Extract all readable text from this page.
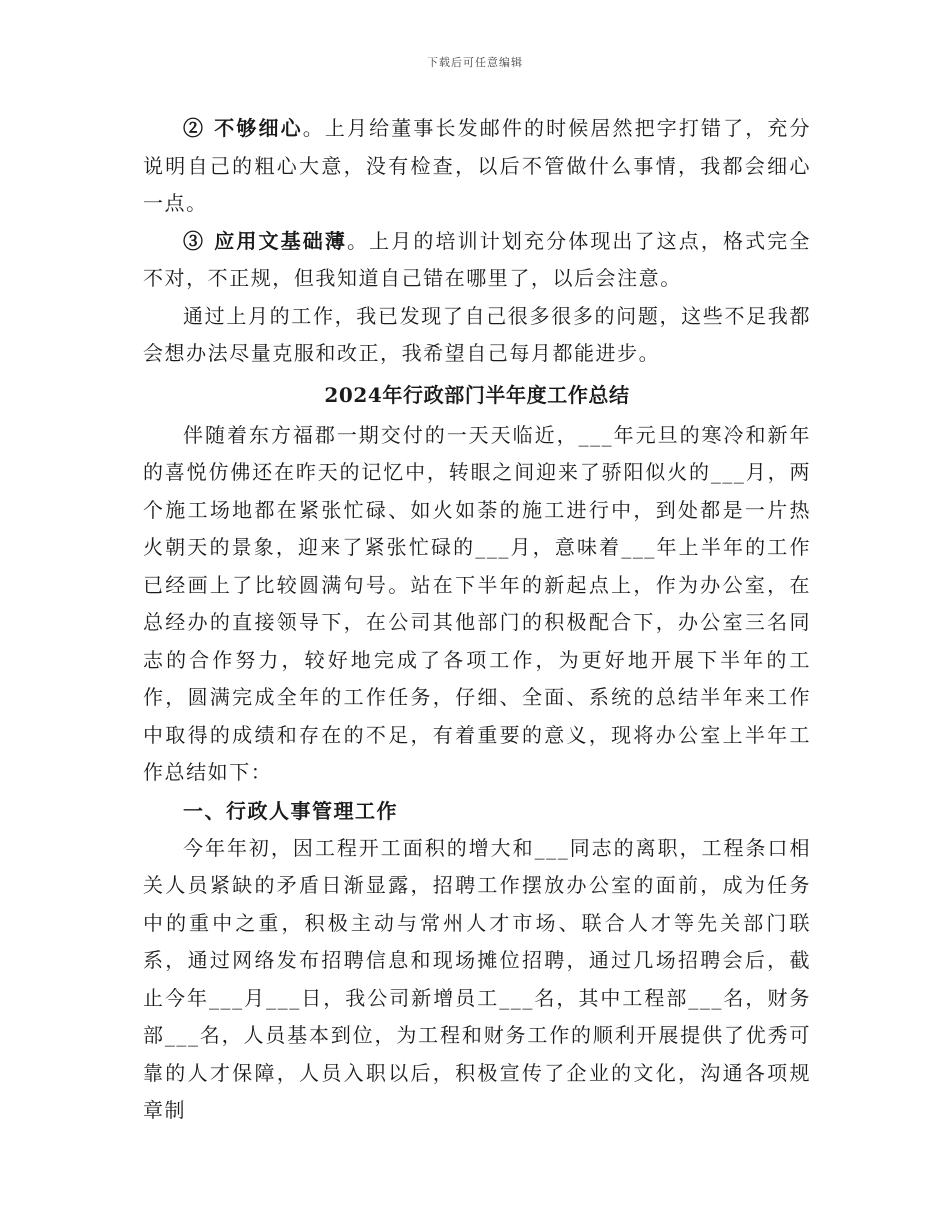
下载后可任意编辑

② 不够细心。上月给董事长发邮件的时候居然把字打错了，充分说明自己的粗心大意，没有检查，以后不管做什么事情，我都会细心一点。

③ 应用文基础薄。上月的培训计划充分体现出了这点，格式完全不对，不正规，但我知道自己错在哪里了，以后会注意。

通过上月的工作，我已发现了自己很多很多的问题，这些不足我都会想办法尽量克服和改正，我希望自己每月都能进步。

2024年行政部门半年度工作总结

伴随着东方福郡一期交付的一天天临近，___年元旦的寒冷和新年的喜悦仿佛还在昨天的记忆中，转眼之间迎来了骄阳似火的___月，两个施工场地都在紧张忙碌、如火如荼的施工进行中，到处都是一片热火朝天的景象，迎来了紧张忙碌的___月，意味着___年上半年的工作已经画上了比较圆满句号。站在下半年的新起点上，作为办公室，在总经办的直接领导下，在公司其他部门的积极配合下，办公室三名同志的合作努力，较好地完成了各项工作，为更好地开展下半年的工作，圆满完成全年的工作任务，仔细、全面、系统的总结半年来工作中取得的成绩和存在的不足，有着重要的意义，现将办公室上半年工作总结如下：

一、行政人事管理工作

今年年初，因工程开工面积的增大和___同志的离职，工程条口相关人员紧缺的矛盾日渐显露，招聘工作摆放办公室的面前，成为任务中的重中之重，积极主动与常州人才市场、联合人才等先关部门联系，通过网络发布招聘信息和现场摊位招聘，通过几场招聘会后，截止今年___月___日，我公司新增员工___名，其中工程部___名，财务部___名，人员基本到位，为工程和财务工作的顺利开展提供了优秀可靠的人才保障，人员入职以后，积极宣传了企业的文化，沟通各项规章制
